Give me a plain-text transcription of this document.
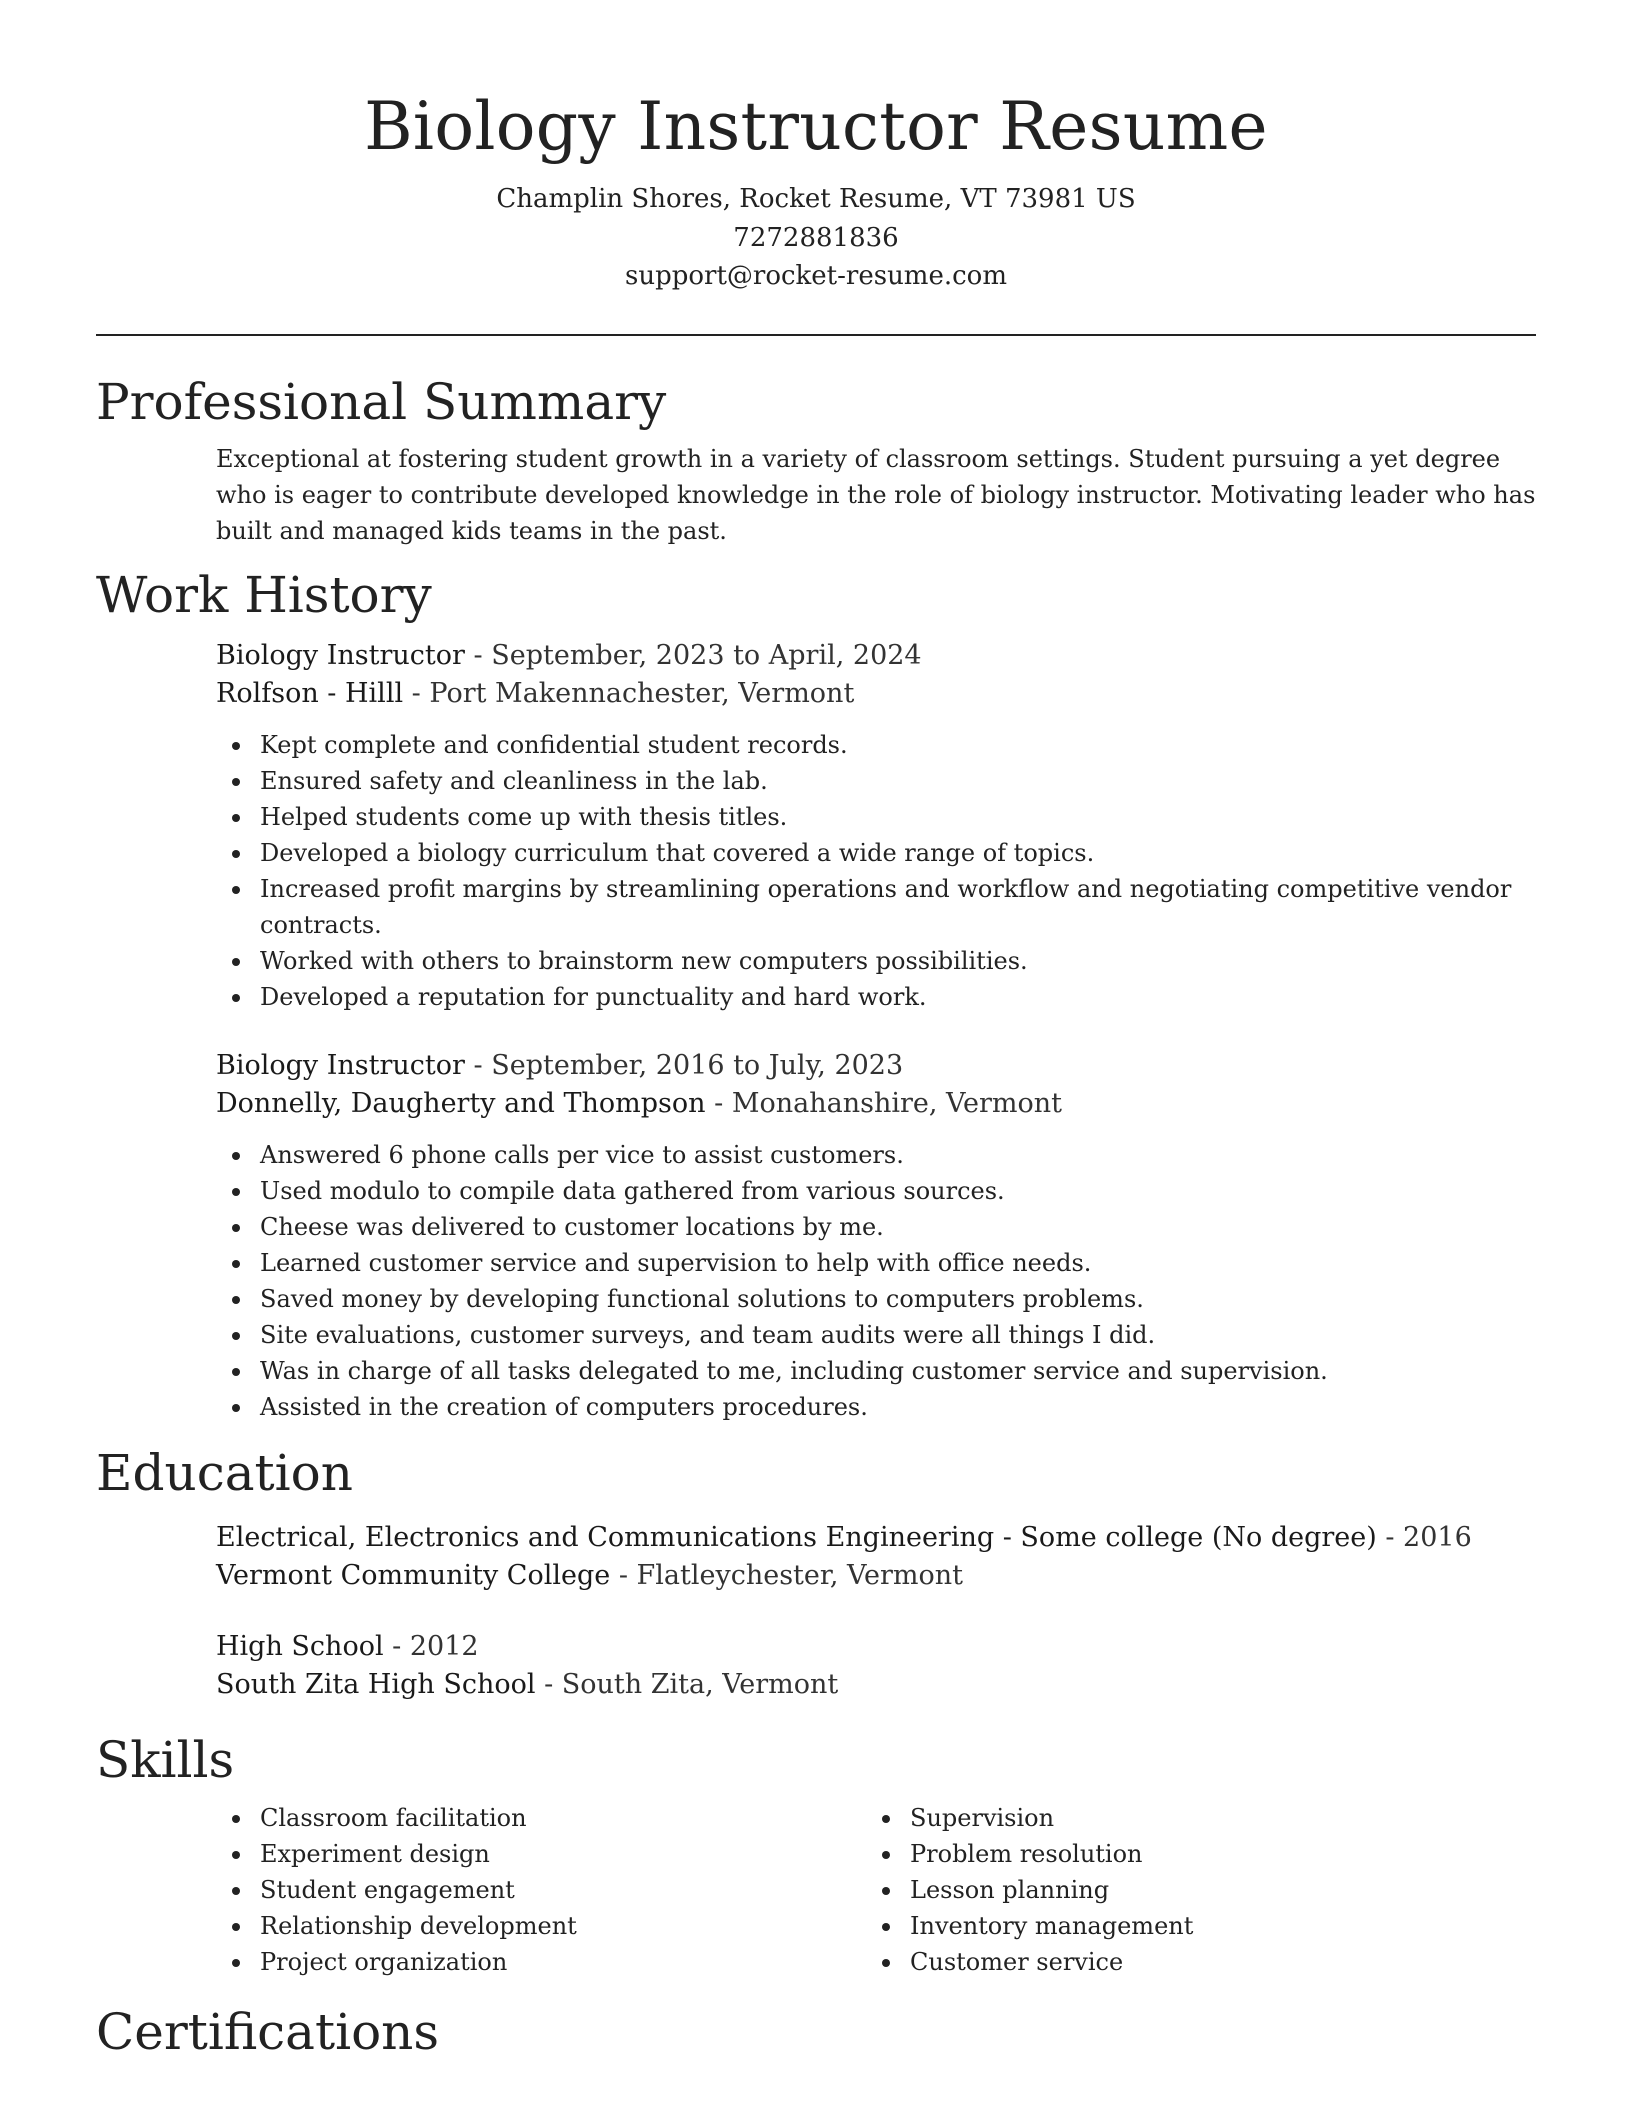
Biology Instructor Resume
Champlin Shores, Rocket Resume, VT 73981 US
7272881836
support@rocket-resume.com
Professional Summary

Exceptional at fostering student growth in a variety of classroom settings. Student pursuing a yet degree who is eager to contribute developed knowledge in the role of biology instructor. Motivating leader who has built and managed kids teams in the past.

Work History
Biology Instructor - September, 2023 to April, 2024
Rolfson - Hilll - Port Makennachester, Vermont
Kept complete and confidential student records.
Ensured safety and cleanliness in the lab.
Helped students come up with thesis titles.
Developed a biology curriculum that covered a wide range of topics.
Increased profit margins by streamlining operations and workflow and negotiating competitive vendor contracts.
Worked with others to brainstorm new computers possibilities.
Developed a reputation for punctuality and hard work.
Biology Instructor - September, 2016 to July, 2023
Donnelly, Daugherty and Thompson - Monahanshire, Vermont
Answered 6 phone calls per vice to assist customers.
Used modulo to compile data gathered from various sources.
Cheese was delivered to customer locations by me.
Learned customer service and supervision to help with office needs.
Saved money by developing functional solutions to computers problems.
Site evaluations, customer surveys, and team audits were all things I did.
Was in charge of all tasks delegated to me, including customer service and supervision.
Assisted in the creation of computers procedures.
Education
Electrical, Electronics and Communications Engineering - Some college (No degree) - 2016
Vermont Community College - Flatleychester, Vermont
High School - 2012
South Zita High School - South Zita, Vermont
Skills
Classroom facilitation
Experiment design
Student engagement
Relationship development
Project organization
Supervision
Problem resolution
Lesson planning
Inventory management
Customer service
Certifications
